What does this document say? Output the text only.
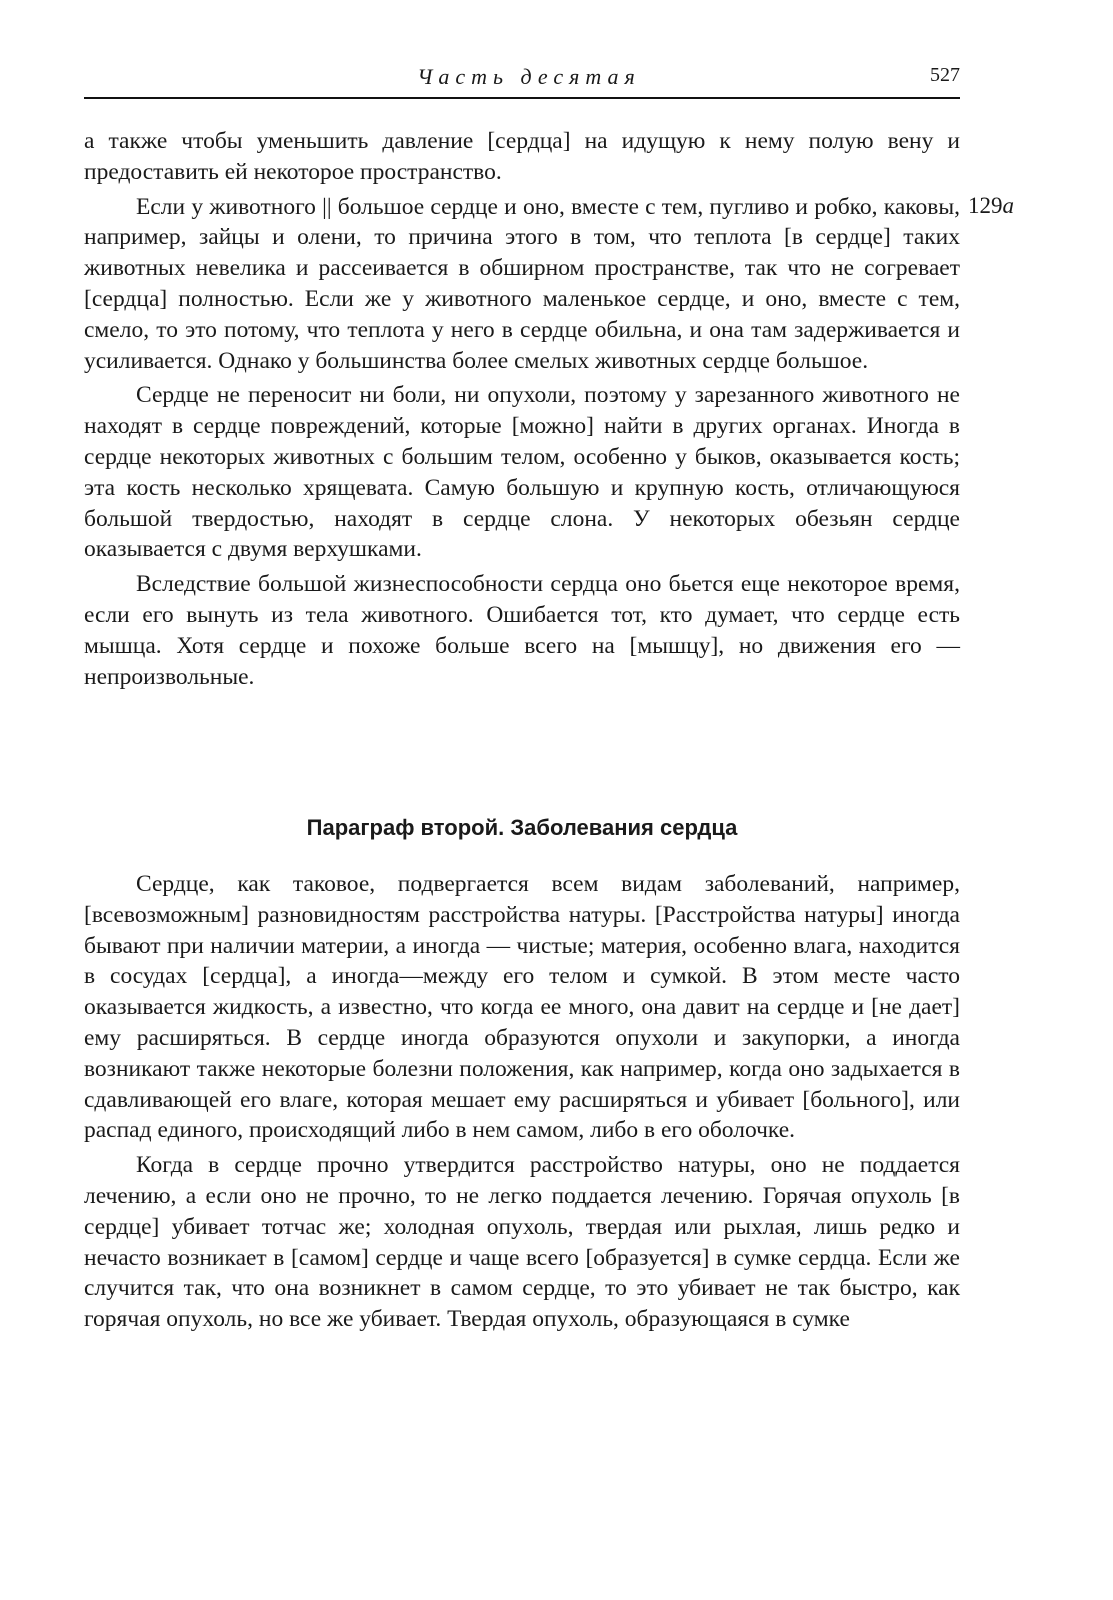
Часть десятая	527
129а

а также чтобы уменьшить давление [сердца] на идущую к нему полую вену и предоставить ей некоторое пространство.

Если у животного || большое сердце и оно, вместе с тем, пугливо и робко, каковы, например, зайцы и олени, то причина этого в том, что теплота [в сердце] таких животных невелика и рассеивается в обширном пространстве, так что не согревает [сердца] полностью. Если же у животного маленькое сердце, и оно, вместе с тем, смело, то это потому, что теплота у него в сердце обильна, и она там задерживается и усиливается. Однако у большинства более смелых животных сердце большое.

Сердце не переносит ни боли, ни опухоли, поэтому у зарезанного животного не находят в сердце повреждений, которые [можно] найти в других органах. Иногда в сердце некоторых животных с большим телом, особенно у быков, оказывается кость; эта кость несколько хрящевата. Самую большую и крупную кость, отличающуюся большой твердостью, находят в сердце слона. У некоторых обезьян сердце оказывается с двумя верхушками.

Вследствие большой жизнеспособности сердца оно бьется еще некоторое время, если его вынуть из тела животного. Ошибается тот, кто думает, что сердце есть мышца. Хотя сердце и похоже больше всего на [мышцу], но движения его — непроизвольные.

Параграф второй. Заболевания сердца

Сердце, как таковое, подвергается всем видам заболеваний, например, [всевозможным] разновидностям расстройства натуры. [Расстройства натуры] иногда бывают при наличии материи, а иногда — чистые; материя, особенно влага, находится в сосудах [сердца], а иногда—между его телом и сумкой. В этом месте часто оказывается жидкость, а известно, что когда ее много, она давит на сердце и [не дает] ему расширяться. В сердце иногда образуются опухоли и закупорки, а иногда возникают также некоторые болезни положения, как например, когда оно задыхается в сдавливающей его влаге, которая мешает ему расширяться и убивает [больного], или распад единого, происходящий либо в нем самом, либо в его оболочке.

Когда в сердце прочно утвердится расстройство натуры, оно не поддается лечению, а если оно не прочно, то не легко поддается лечению. Горячая опухоль [в сердце] убивает тотчас же; холодная опухоль, твердая или рыхлая, лишь редко и нечасто возникает в [самом] сердце и чаще всего [образуется] в сумке сердца. Если же случится так, что она возникнет в самом сердце, то это убивает не так быстро, как горячая опухоль, но все же убивает. Твердая опухоль, образующаяся в сумке
